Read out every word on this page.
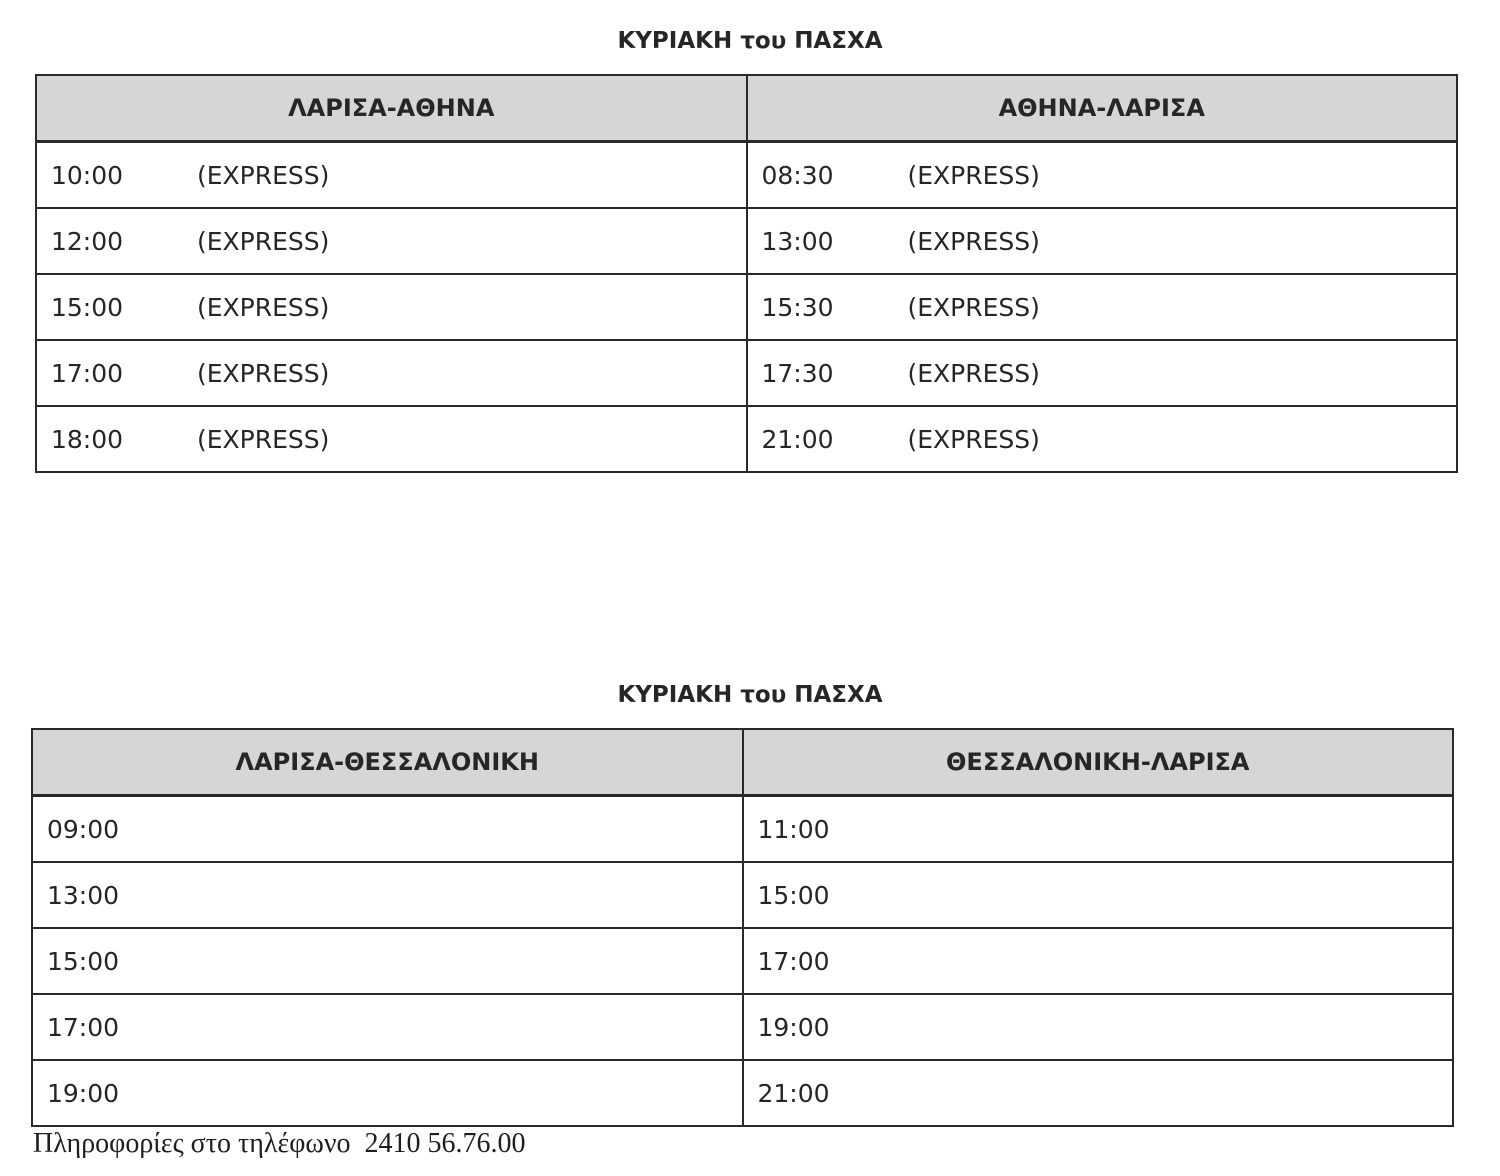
ΚΥΡΙΑΚΗ του ΠΑΣΧΑ
ΛΑΡΙΣΑ-ΑΘΗΝΑ	ΑΘΗΝΑ-ΛΑΡΙΣΑ
10:00 (EXPRESS)	08:30 (EXPRESS)
12:00 (EXPRESS)	13:00 (EXPRESS)
15:00 (EXPRESS)	15:30 (EXPRESS)
17:00 (EXPRESS)	17:30 (EXPRESS)
18:00 (EXPRESS)	21:00 (EXPRESS)
ΚΥΡΙΑΚΗ του ΠΑΣΧΑ
ΛΑΡΙΣΑ-ΘΕΣΣΑΛΟΝΙΚΗ	ΘΕΣΣΑΛΟΝΙΚΗ-ΛΑΡΙΣΑ
09:00	11:00
13:00	15:00
15:00	17:00
17:00	19:00
19:00	21:00
Πληροφορίες στο τηλέφωνο  2410 56.76.00
